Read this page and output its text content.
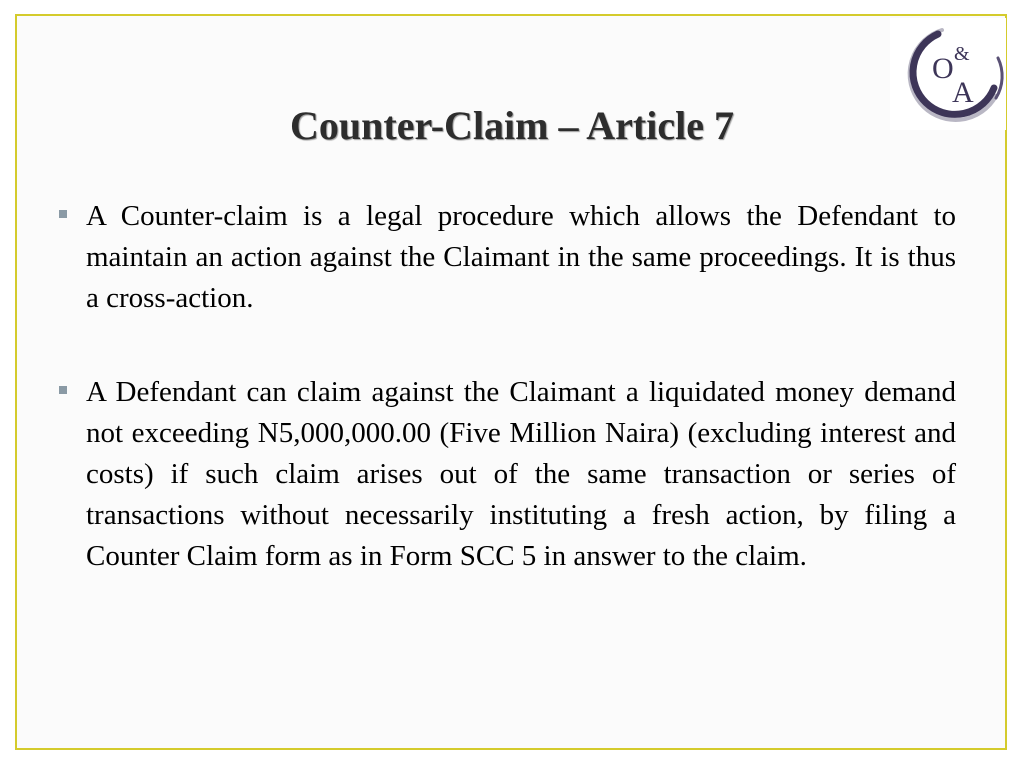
O &
A
Counter-Claim – Article 7
A Counter-claim is a legal procedure which allows the Defendant to maintain an action against the Claimant in the same proceedings. It is thus a cross-action.
A Defendant can claim against the Claimant a liquidated money demand not exceeding N5,000,000.00 (Five Million Naira) (excluding interest and costs) if such claim arises out of the same transaction or series of transactions without necessarily instituting a fresh action, by filing a Counter Claim form as in Form SCC 5 in answer to the claim.
